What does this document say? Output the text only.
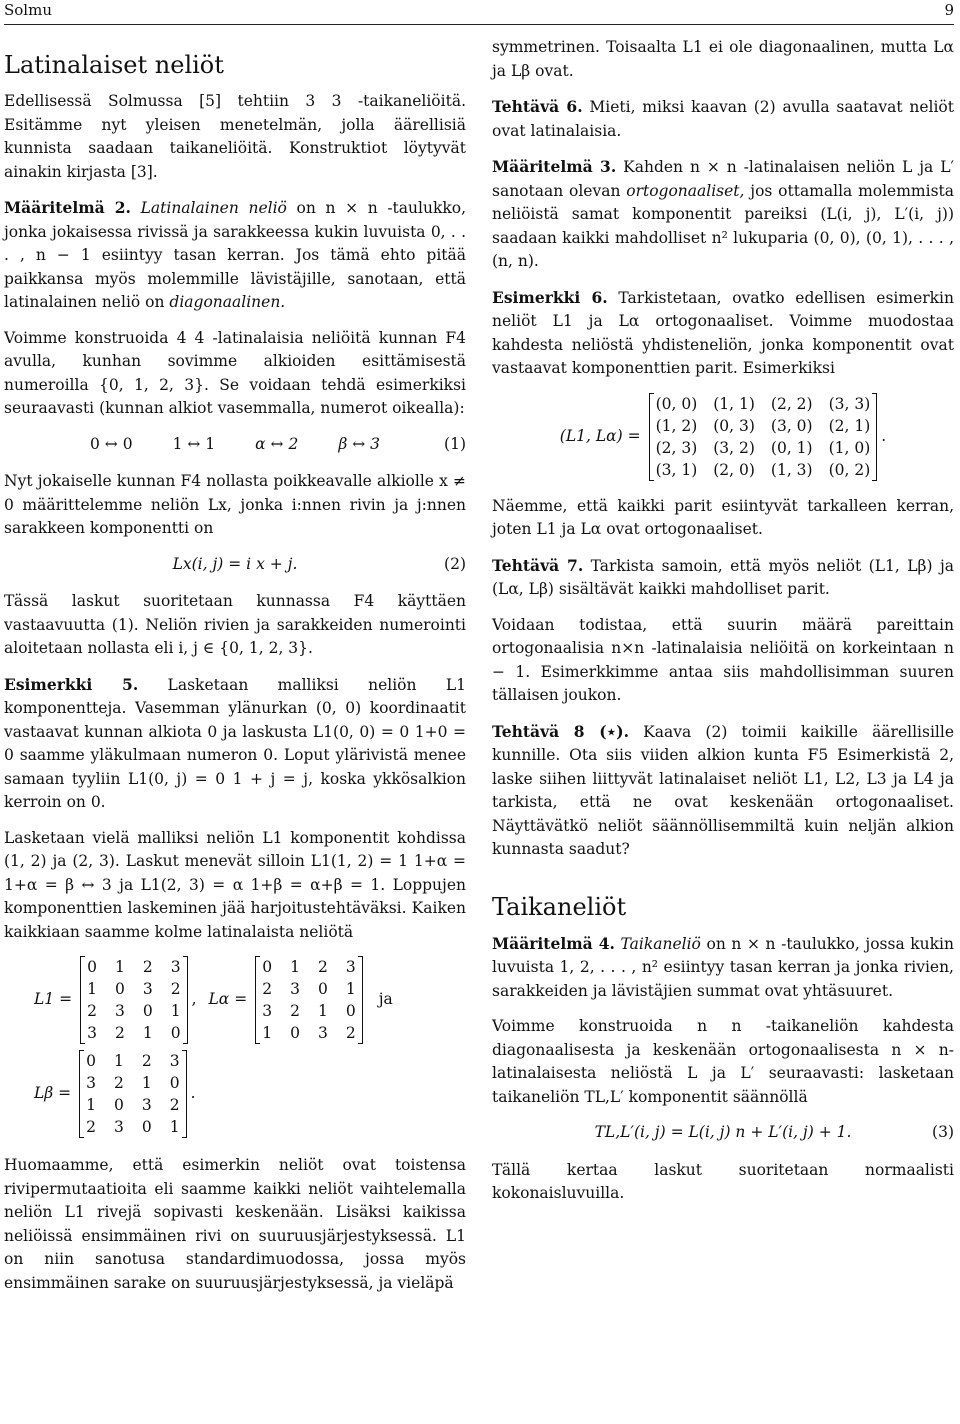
Solmu	9
Latinalaiset neliöt

Edellisessä Solmussa [5] tehtiin 3 3 -taikaneliöitä. Esitämme nyt yleisen menetelmän, jolla äärellisiä kunnista saadaan taikaneliöitä. Konstruktiot löytyvät ainakin kirjasta [3].

Määritelmä 2. Latinalainen neliö on n × n -taulukko, jonka jokaisessa rivissä ja sarakkeessa kukin luvuista 0, . . . , n − 1 esiintyy tasan kerran. Jos tämä ehto pitää paikkansa myös molemmille lävistäjille, sanotaan, että latinalainen neliö on diagonaalinen.

Voimme konstruoida 4 4 -latinalaisia neliöitä kunnan F4 avulla, kunhan sovimme alkioiden esittämisestä numeroilla {0, 1, 2, 3}. Se voidaan tehdä esimerkiksi seuraavasti (kunnan alkiot vasemmalla, numerot oikealla):

0 ↔ 0	1 ↔ 1	α ↔ 2	β ↔ 3	(1)

Nyt jokaiselle kunnan F4 nollasta poikkeavalle alkiolle x ≠ 0 määrittelemme neliön Lx, jonka i:nnen rivin ja j:nnen sarakkeen komponentti on

Lx(i, j) = i x + j.	(2)

Tässä laskut suoritetaan kunnassa F4 käyttäen vastaavuutta (1). Neliön rivien ja sarakkeiden numerointi aloitetaan nollasta eli i, j ∈ {0, 1, 2, 3}.

Esimerkki 5. Lasketaan malliksi neliön L1 komponentteja. Vasemman ylänurkan (0, 0) koordinaatit vastaavat kunnan alkiota 0 ja laskusta L1(0, 0) = 0 1+0 = 0 saamme yläkulmaan numeron 0. Loput ylärivistä menee samaan tyyliin L1(0, j) = 0 1 + j = j, koska ykkösalkion kerroin on 0.

Lasketaan vielä malliksi neliön L1 komponentit kohdissa (1, 2) ja (2, 3). Laskut menevät silloin L1(1, 2) = 1 1+α = 1+α = β ↔ 3 ja L1(2, 3) = α 1+β = α+β = 1. Loppujen komponenttien laskeminen jää harjoitustehtäväksi. Kaiken kaikkiaan saamme kolme latinalaista neliötä

L1 =
0 1 2 3
1 0 3 2
2 3 0 1
3 2 1 0
, Lα =
0 1 2 3
2 3 0 1
3 2 1 0
1 0 3 2
ja
Lβ =
0 1 2 3
3 2 1 0
1 0 3 2
2 3 0 1
.

Huomaamme, että esimerkin neliöt ovat toistensa rivipermutaatioita eli saamme kaikki neliöt vaihtelemalla neliön L1 rivejä sopivasti keskenään. Lisäksi kaikissa neliöissä ensimmäinen rivi on suuruusjärjestyksessä. L1 on niin sanotusa standardimuodossa, jossa myös ensimmäinen sarake on suuruusjärjestyksessä, ja vieläpä

symmetrinen. Toisaalta L1 ei ole diagonaalinen, mutta Lα ja Lβ ovat.

Tehtävä 6. Mieti, miksi kaavan (2) avulla saatavat neliöt ovat latinalaisia.

Määritelmä 3. Kahden n × n -latinalaisen neliön L ja L′ sanotaan olevan ortogonaaliset, jos ottamalla molemmista neliöistä samat komponentit pareiksi (L(i, j), L′(i, j)) saadaan kaikki mahdolliset n² lukuparia (0, 0), (0, 1), . . . , (n, n).

Esimerkki 6. Tarkistetaan, ovatko edellisen esimerkin neliöt L1 ja Lα ortogonaaliset. Voimme muodostaa kahdesta neliöstä yhdisteneliön, jonka komponentit ovat vastaavat komponenttien parit. Esimerkiksi

(L1, Lα) =
(0, 0) (1, 1) (2, 2) (3, 3)
(1, 2) (0, 3) (3, 0) (2, 1)
(2, 3) (3, 2) (0, 1) (1, 0)
(3, 1) (2, 0) (1, 3) (0, 2)
.

Näemme, että kaikki parit esiintyvät tarkalleen kerran, joten L1 ja Lα ovat ortogonaaliset.

Tehtävä 7. Tarkista samoin, että myös neliöt (L1, Lβ) ja (Lα, Lβ) sisältävät kaikki mahdolliset parit.

Voidaan todistaa, että suurin määrä pareittain ortogonaalisia n×n -latinalaisia neliöitä on korkeintaan n − 1. Esimerkkimme antaa siis mahdollisimman suuren tällaisen joukon.

Tehtävä 8 (⋆). Kaava (2) toimii kaikille äärellisille kunnille. Ota siis viiden alkion kunta F5 Esimerkistä 2, laske siihen liittyvät latinalaiset neliöt L1, L2, L3 ja L4 ja tarkista, että ne ovat keskenään ortogonaaliset. Näyttävätkö neliöt säännöllisemmiltä kuin neljän alkion kunnasta saadut?

Taikaneliöt

Määritelmä 4. Taikaneliö on n × n -taulukko, jossa kukin luvuista 1, 2, . . . , n² esiintyy tasan kerran ja jonka rivien, sarakkeiden ja lävistäjien summat ovat yhtäsuuret.

Voimme konstruoida n n -taikaneliön kahdesta diagonaalisesta ja keskenään ortogonaalisesta n × n-latinalaisesta neliöstä L ja L′ seuraavasti: lasketaan taikaneliön TL,L′ komponentit säännöllä

TL,L′(i, j) = L(i, j) n + L′(i, j) + 1.	(3)

Tällä kertaa laskut suoritetaan normaalisti kokonaisluvuilla.
